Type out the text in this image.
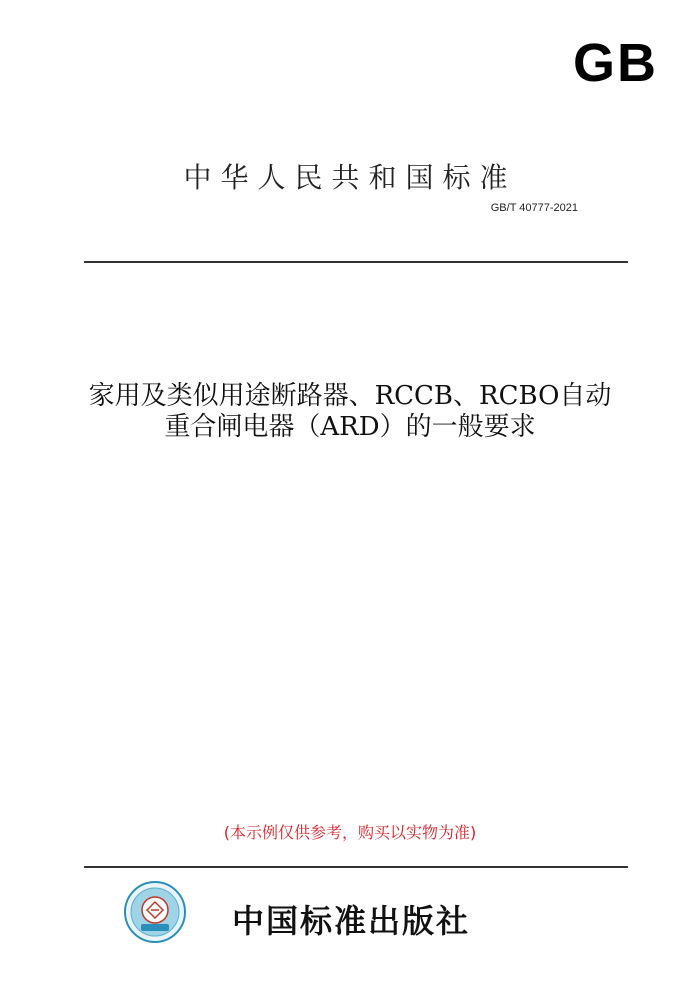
GB
中华人民共和国标准
GB/T 40777-2021
家用及类似用途断路器、RCCB、RCBO自动
重合闸电器（ARD）的一般要求
(本示例仅供参考，购买以实物为准)
中国标准出版社
